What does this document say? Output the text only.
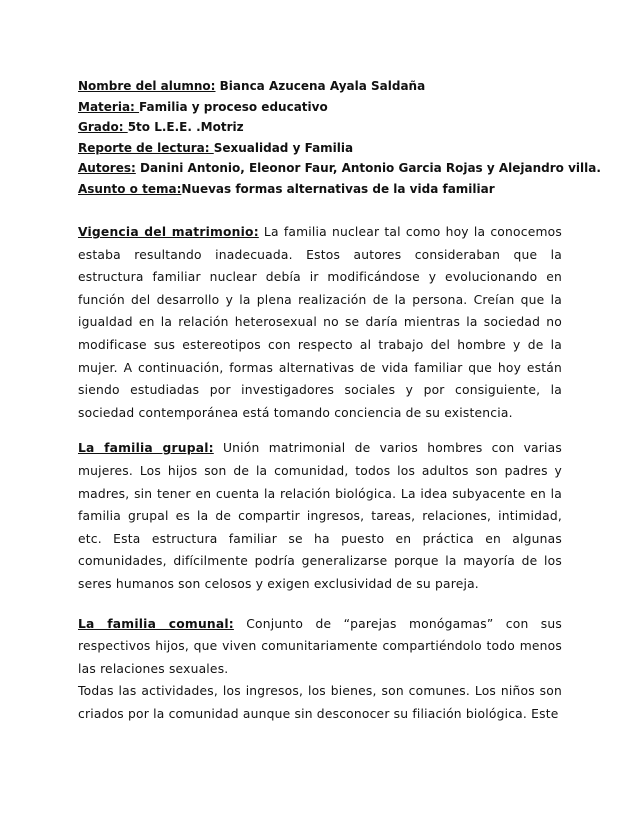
Nombre del alumno: Bianca Azucena Ayala Saldaña

Materia: Familia y proceso educativo

Grado: 5to L.E.E. .Motriz

Reporte de lectura: Sexualidad y Familia

Autores: Danini Antonio, Eleonor Faur, Antonio Garcia Rojas y Alejandro villa.

Asunto o tema:Nuevas formas alternativas de la vida familiar

Vigencia del matrimonio: La familia nuclear tal como hoy la conocemos estaba resultando inadecuada. Estos autores consideraban que la estructura familiar nuclear debía ir modificándose y evolucionando en función del desarrollo y la plena realización de la persona. Creían que la igualdad en la relación heterosexual no se daría mientras la sociedad no modificase sus estereotipos con respecto al trabajo del hombre y de la mujer. A continuación, formas alternativas de vida familiar que hoy están siendo estudiadas por investigadores sociales y por consiguiente, la sociedad contemporánea está tomando conciencia de su existencia.

La familia grupal: Unión matrimonial de varios hombres con varias mujeres. Los hijos son de la comunidad, todos los adultos son padres y madres, sin tener en cuenta la relación biológica. La idea subyacente en la familia grupal es la de compartir ingresos, tareas, relaciones, intimidad, etc. Esta estructura familiar se ha puesto en práctica en algunas comunidades, difícilmente podría generalizarse porque la mayoría de los seres humanos son celosos y exigen exclusividad de su pareja.

La familia comunal: Conjunto de “parejas monógamas” con sus respectivos hijos, que viven comunitariamente compartiéndolo todo menos las relaciones sexuales.

Todas las actividades, los ingresos, los bienes, son comunes. Los niños son criados por la comunidad aunque sin desconocer su filiación biológica. Este
